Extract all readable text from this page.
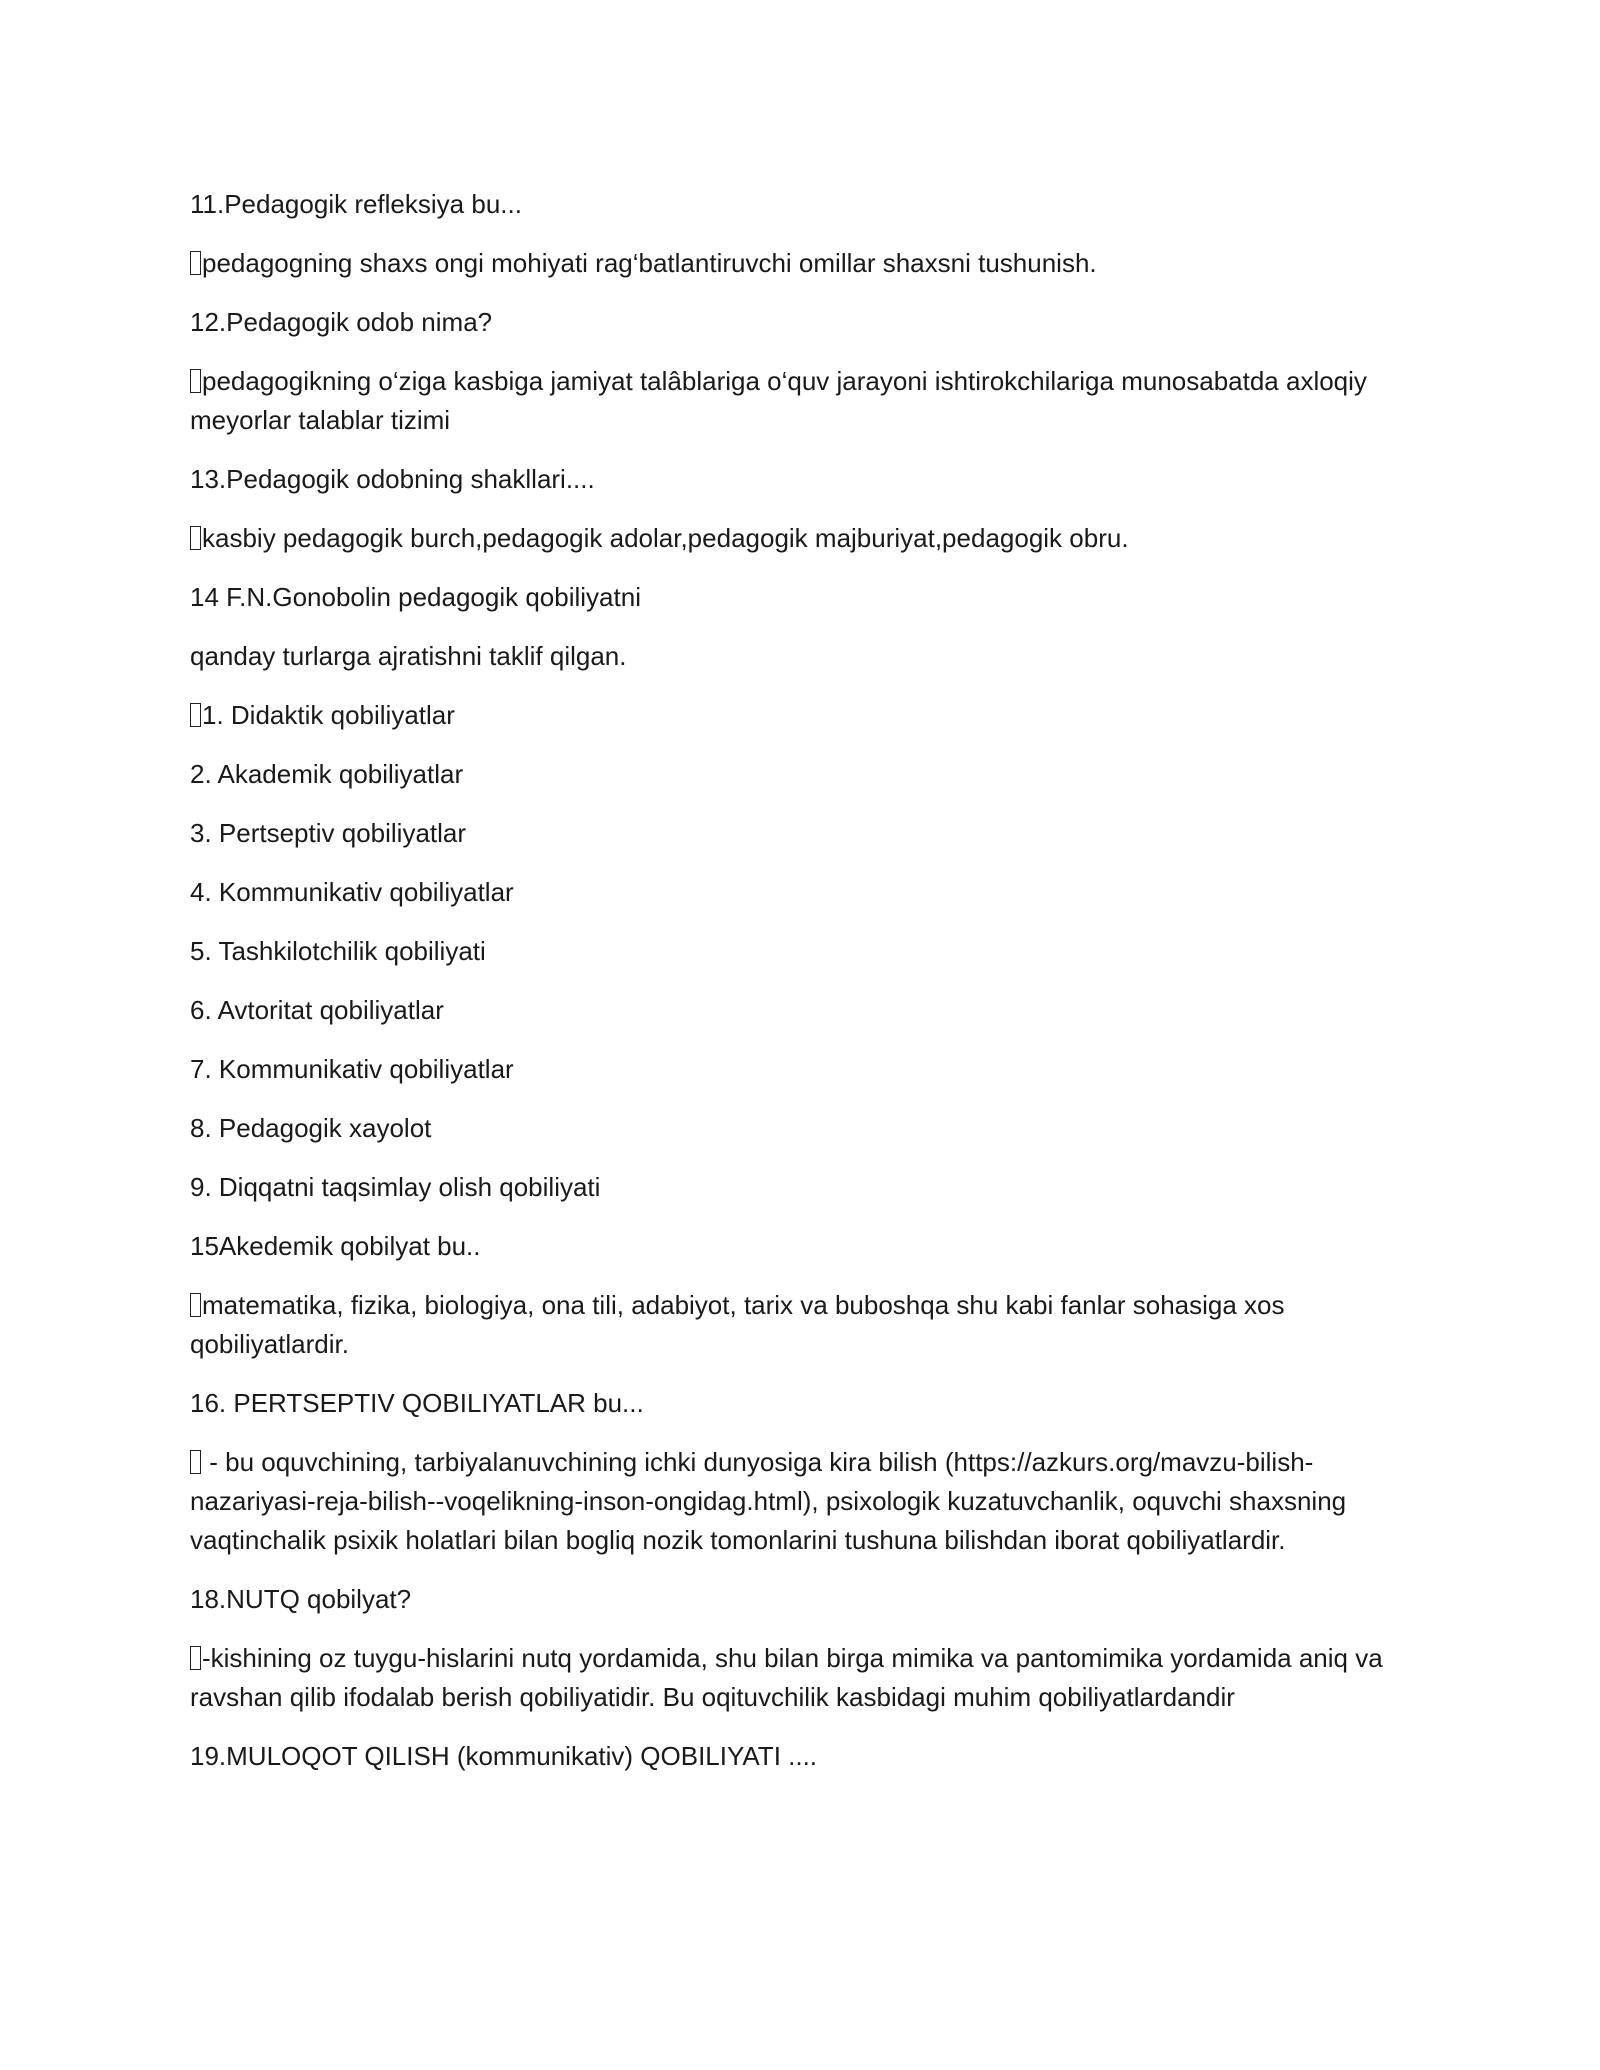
11.Pedagogik refleksiya bu...

pedagogning shaxs ongi mohiyati rag‘batlantiruvchi omillar shaxsni tushunish.

12.Pedagogik odob nima?

pedagogikning o‘ziga kasbiga jamiyat talâblariga o‘quv jarayoni ishtirokchilariga munosabatda axloqiy meyorlar talablar tizimi

13.Pedagogik odobning shakllari....

kasbiy pedagogik burch,pedagogik adolar,pedagogik majburiyat,pedagogik obru.

14 F.N.Gonobolin pedagogik qobiliyatni

qanday turlarga ajratishni taklif qilgan.

1. Didaktik qobiliyatlar

2. Akademik qobiliyatlar

3. Pertseptiv qobiliyatlar

4. Kommunikativ qobiliyatlar

5. Tashkilotchilik qobiliyati

6. Avtoritat qobiliyatlar

7. Kommunikativ qobiliyatlar

8. Pedagogik xayolot

9. Diqqatni taqsimlay olish qobiliyati

15Akedemik qobilyat bu..

matematika, fizika, biologiya, ona tili, adabiyot, tarix va buboshqa shu kabi fanlar sohasiga xos qobiliyatlardir.

16. PERTSEPTIV QOBILIYATLAR bu...

- bu oquvchining, tarbiyalanuvchining ichki dunyosiga kira bilish (https://azkurs.org/mavzu-bilish-nazariyasi-reja-bilish--voqelikning-inson-ongidag.html), psixologik kuzatuvchanlik, oquvchi shaxsning vaqtinchalik psixik holatlari bilan bogliq nozik tomonlarini tushuna bilishdan iborat qobiliyatlardir.

18.NUTQ qobilyat?

-kishining oz tuygu-hislarini nutq yordamida, shu bilan birga mimika va pantomimika yordamida aniq va ravshan qilib ifodalab berish qobiliyatidir. Bu oqituvchilik kasbidagi muhim qobiliyatlardandir

19.MULOQOT QILISH (kommunikativ) QOBILIYATI ....
